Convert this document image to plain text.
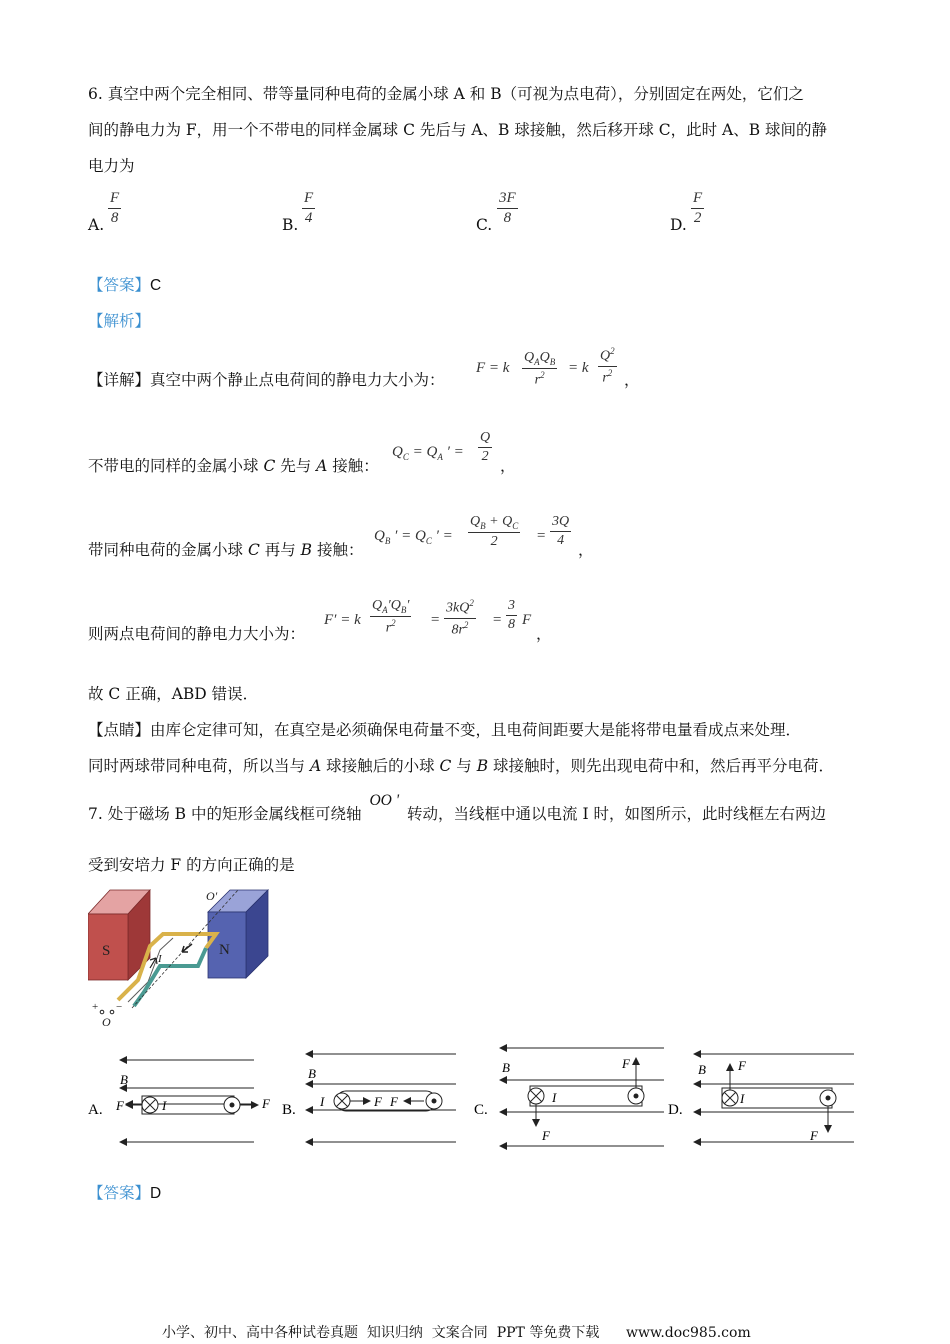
6. 真空中两个完全相同、带等量同种电荷的金属小球 A 和 B（可视为点电荷），分别固定在两处，它们之
间的静电力为 F，用一个不带电的同样金属球 C 先后与 A、B 球接触，然后移开球 C，此时 A、B 球间的静
电力为
A.
F
8	B.
F
4	C.
3F
8	D.
F
2
【答案】C
【解析】
【详解】真空中两个静止点电荷间的静电力大小为：
F = k
$Q_AQ_B$
$r^2$	= k
$Q^2$
$r^2$ ，
不带电的同样的金属小球 C 先与 A 接触：
$Q_C = Q_A$ ′ =
Q
2
，
带同种电荷的金属小球 C 再与 B 接触：
$Q_B$ ′ = $Q_C$ ′ =
$Q_B + Q_C$
2	=
3Q
4
，
则两点电荷间的静电力大小为：
F′ = k
$Q_A'Q_B'$
$r^2$	=
$3kQ^2$
$8r^2$	=
3
8 F
，
故 C 正确，ABD 错误．
【点睛】由库仑定律可知，在真空是必须确保电荷量不变，且电荷间距要大是能将带电量看成点来处理．
同时两球带同种电荷，所以当与 A 球接触后的小球 C 与 B 球接触时，则先出现电荷中和，然后再平分电荷．
7. 处于磁场 B 中的矩形金属线框可绕轴OO '转动，当线框中通以电流 I 时，如图所示，此时线框左右两边
受到安培力 F 的方向正确的是
S	N
I
O'
O
+ −
A.
B
I
F	F B.
B
I	F F
C.
B
I
F
F
D.
B
I
F
F
【答案】D
小学、初中、高中各种试卷真题  知识归纳  文案合同  PPT 等免费下载      www.doc985.com
